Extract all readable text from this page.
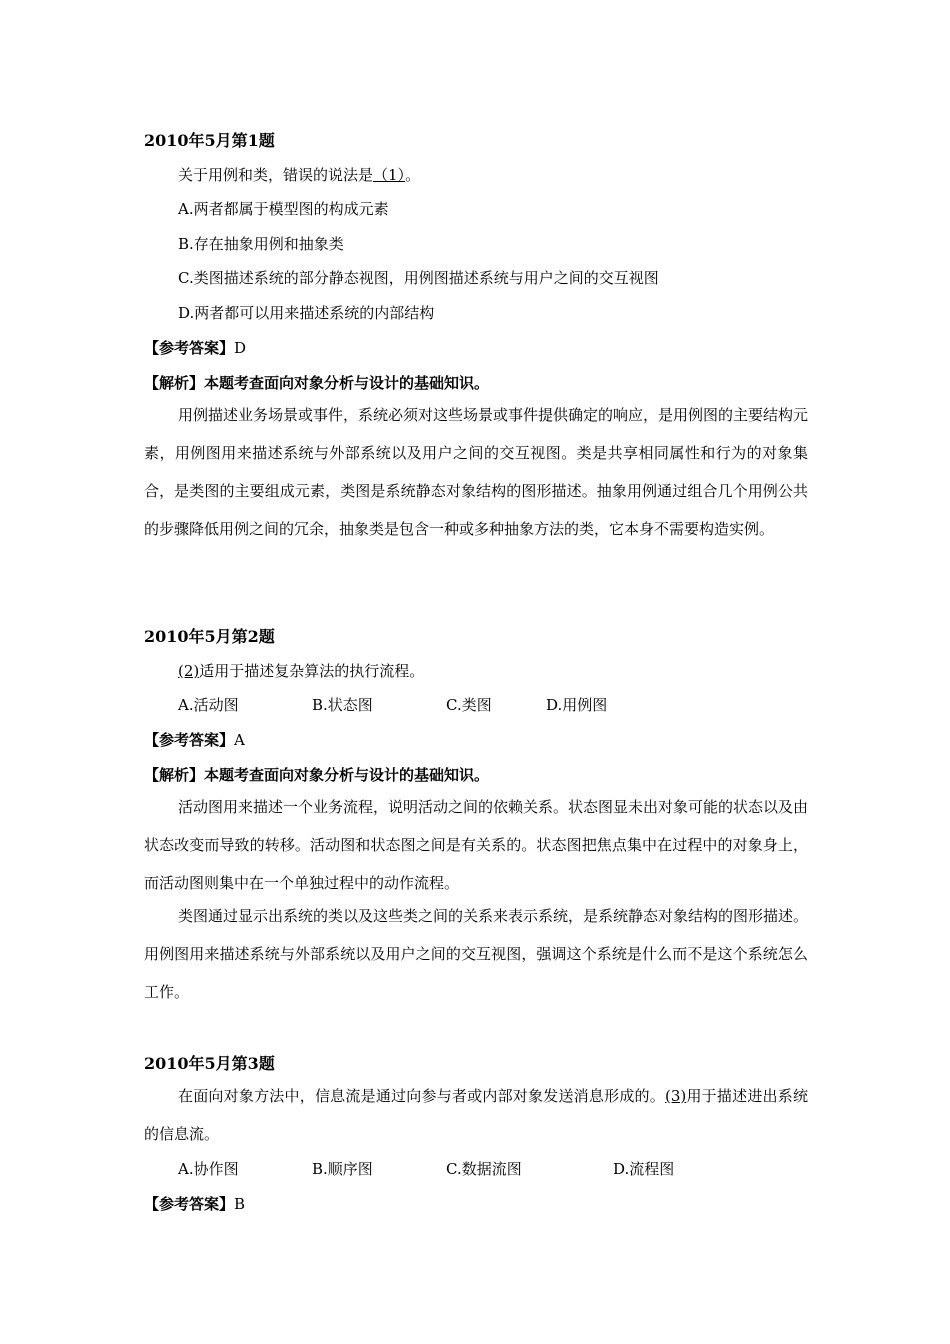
2010年5月第1题
关于用例和类，错误的说法是（1）。
A.两者都属于模型图的构成元素
B.存在抽象用例和抽象类
C.类图描述系统的部分静态视图，用例图描述系统与用户之间的交互视图
D.两者都可以用来描述系统的内部结构
【参考答案】D
【解析】本题考查面向对象分析与设计的基础知识。

用例描述业务场景或事件，系统必须对这些场景或事件提供确定的响应，是用例图的主要结构元素，用例图用来描述系统与外部系统以及用户之间的交互视图。类是共享相同属性和行为的对象集合，是类图的主要组成元素，类图是系统静态对象结构的图形描述。抽象用例通过组合几个用例公共的步骤降低用例之间的冗余，抽象类是包含一种或多种抽象方法的类，它本身不需要构造实例。

2010年5月第2题
(2)适用于描述复杂算法的执行流程。
A.活动图	B.状态图	C.类图	D.用例图
【参考答案】A
【解析】本题考查面向对象分析与设计的基础知识。

活动图用来描述一个业务流程，说明活动之间的依赖关系。状态图显未出对象可能的状态以及由状态改变而导致的转移。活动图和状态图之间是有关系的。状态图把焦点集中在过程中的对象身上，而活动图则集中在一个单独过程中的动作流程。

类图通过显示出系统的类以及这些类之间的关系来表示系统，是系统静态对象结构的图形描述。用例图用来描述系统与外部系统以及用户之间的交互视图，强调这个系统是什么而不是这个系统怎么工作。

2010年5月第3题

在面向对象方法中，信息流是通过向参与者或内部对象发送消息形成的。(3)用于描述进出系统的信息流。

A.协作图	B.顺序图	C.数据流图	D.流程图
【参考答案】B
